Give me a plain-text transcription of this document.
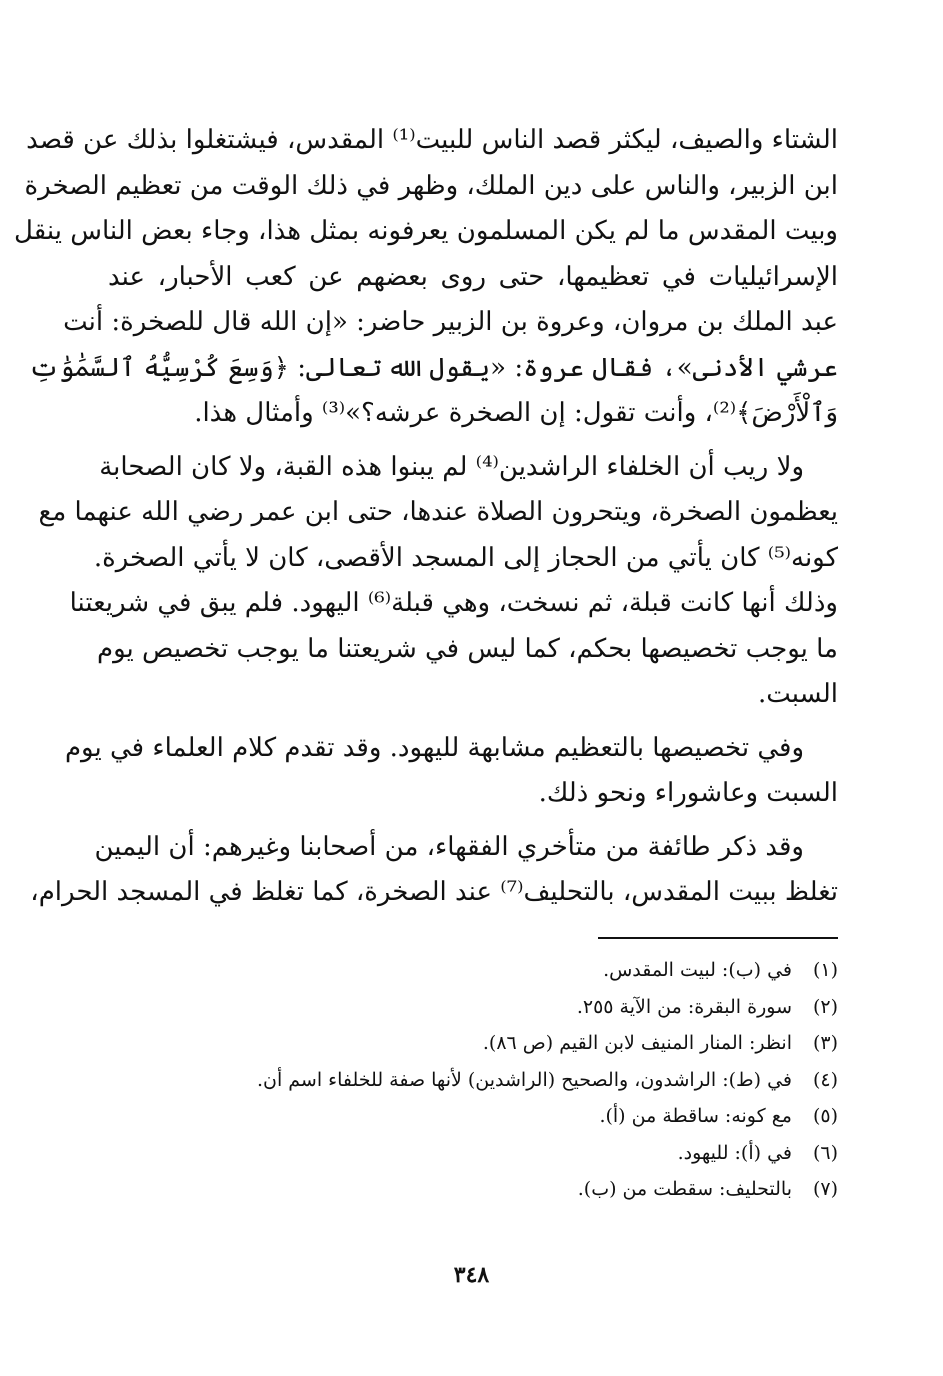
الشتاء والصيف، ليكثر قصد الناس للبيت⁽¹⁾ المقدس، فيشتغلوا بذلك عن قصد
ابن الزبير، والناس على دين الملك، وظهر في ذلك الوقت من تعظيم الصخرة
وبيت المقدس ما لم يكن المسلمون يعرفونه بمثل هذا، وجاء بعض الناس ينقل
الإسرائيليات في تعظيمها، حتى روى بعضهم عن كعب الأحبار، عند
عبد الملك بن مروان، وعروة بن الزبير حاضر: «إن الله قال للصخرة: أنت
عرشي الأدنى»، فقال عروة: «يقول الله تعالى: ﴿وَسِعَ كُرْسِيُّهُ ٱلسَّمَٰوَٰتِ
وَٱلْأَرْضَ﴾⁽²⁾، وأنت تقول: إن الصخرة عرشه؟»⁽³⁾ وأمثال هذا.

ولا ريب أن الخلفاء الراشدين⁽⁴⁾ لم يبنوا هذه القبة، ولا كان الصحابة
يعظمون الصخرة، ويتحرون الصلاة عندها، حتى ابن عمر رضي الله عنهما مع
كونه⁽⁵⁾ كان يأتي من الحجاز إلى المسجد الأقصى، كان لا يأتي الصخرة.
وذلك أنها كانت قبلة، ثم نسخت، وهي قبلة⁽⁶⁾ اليهود. فلم يبق في شريعتنا
ما يوجب تخصيصها بحكم، كما ليس في شريعتنا ما يوجب تخصيص يوم
السبت.

وفي تخصيصها بالتعظيم مشابهة لليهود. وقد تقدم كلام العلماء في يوم
السبت وعاشوراء ونحو ذلك.

وقد ذكر طائفة من متأخري الفقهاء، من أصحابنا وغيرهم: أن اليمين
تغلظ ببيت المقدس، بالتحليف⁽⁷⁾ عند الصخرة، كما تغلظ في المسجد الحرام،

(١)
في (ب): لبيت المقدس.
(٢)
سورة البقرة: من الآية ٢٥٥.
(٣)
انظر: المنار المنيف لابن القيم (ص ٨٦).
(٤)
في (ط): الراشدون، والصحيح (الراشدين) لأنها صفة للخلفاء اسم أن.
(٥)
مع كونه: ساقطة من (أ).
(٦)
في (أ): لليهود.
(٧)
بالتحليف: سقطت من (ب).
٣٤٨
